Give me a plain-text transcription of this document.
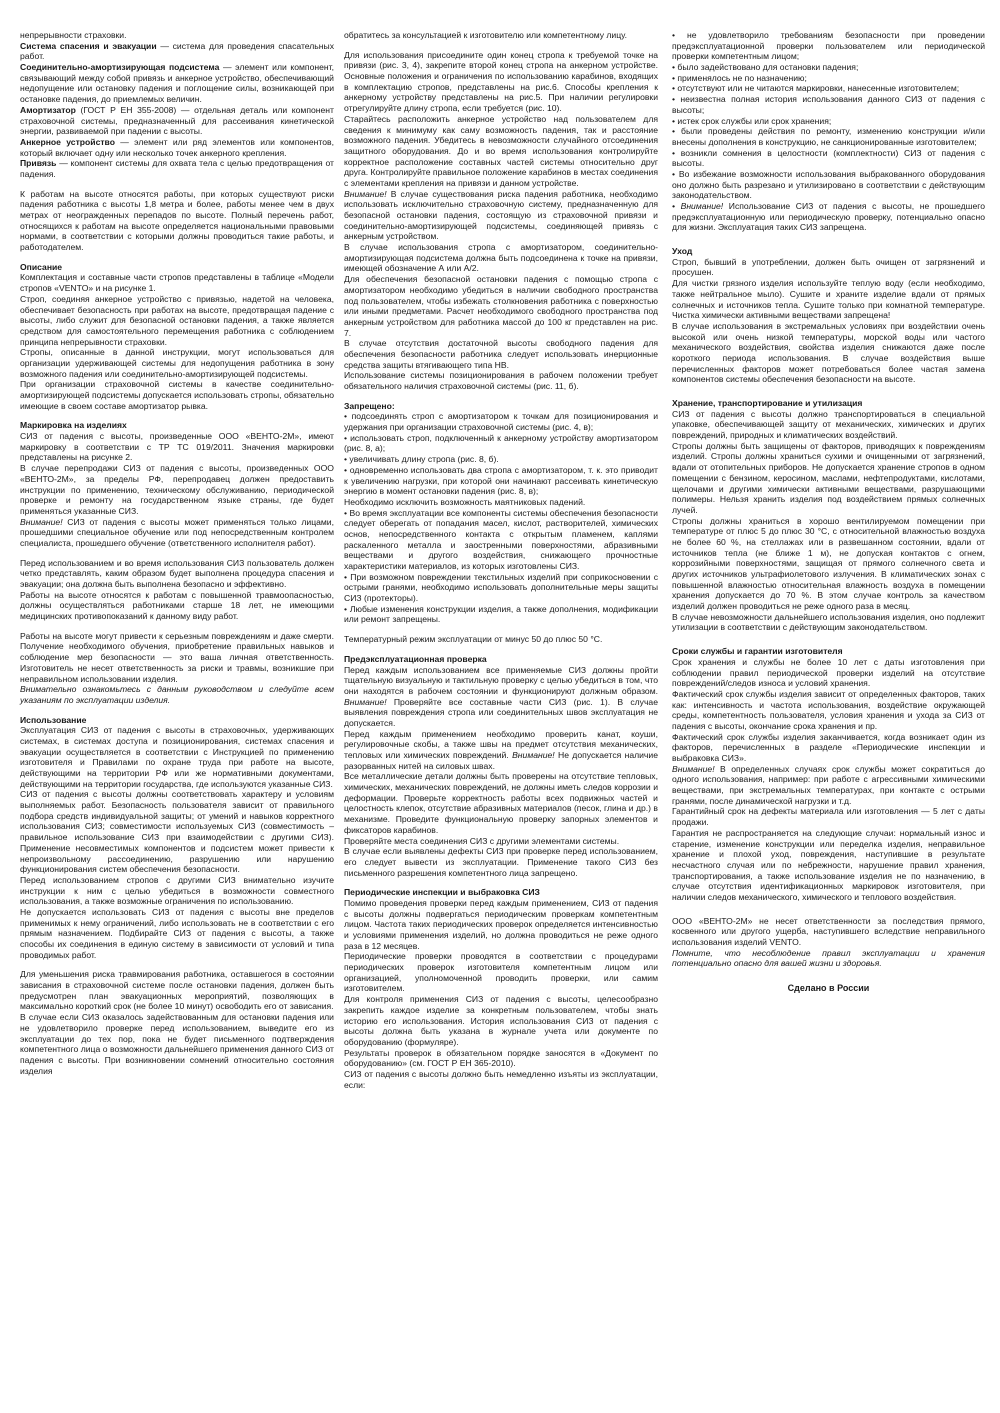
непрерывности страховки.

Система спасения и эвакуации — система для проведения спасательных работ.

Соединительно-амортизирующая подсистема — элемент или компонент, связывающий между собой привязь и анкерное устройство, обеспечивающий недопущение или остановку падения и поглощение силы, возникающей при остановке падения, до приемлемых величин.

Амортизатор (ГОСТ Р ЕН 355-2008) — отдельная деталь или компонент страховочной системы, предназначенный для рассеивания кинетической энергии, развиваемой при падении с высоты.

Анкерное устройство — элемент или ряд элементов или компонентов, который включает одну или несколько точек анкерного крепления.

Привязь — компонент системы для охвата тела с целью предотвращения от падения.

К работам на высоте относятся работы, при которых существуют риски падения работника с высоты 1,8 метра и более, работы менее чем в двух метрах от неогражденных перепадов по высоте. Полный перечень работ, относящихся к работам на высоте определяется национальными правовыми нормами, в соответствии с которыми должны проводиться такие работы, и работодателем.

Описание

Комплектация и составные части стропов представлены в таблице «Модели стропов «VENTO» и на рисунке 1.

Строп, соединяя анкерное устройство с привязью, надетой на человека, обеспечивает безопасность при работах на высоте, предотвращая падение с высоты, либо служит для безопасной остановки падения, а также является средством для самостоятельного перемещения работника с соблюдением принципа непрерывности страховки.

Стропы, описанные в данной инструкции, могут использоваться для организации удерживающей системы для недопущения работника в зону возможного падения или соединительно-амортизирующей подсистемы.

При организации страховочной системы в качестве соединительно-амортизирующей подсистемы допускается использовать стропы, обязательно имеющие в своем составе амортизатор рывка.

Маркировка на изделиях

СИЗ от падения с высоты, произведенные ООО «ВЕНТО-2М», имеют маркировку в соответствии с ТР ТС 019/2011. Значения маркировки представлены на рисунке 2.

В случае перепродажи СИЗ от падения с высоты, произведенных ООО «ВЕНТО-2М», за пределы РФ, перепродавец должен предоставить инструкции по применению, техническому обслуживанию, периодической проверке и ремонту на государственном языке страны, где будет применяться указанные СИЗ.

Внимание! СИЗ от падения с высоты может применяться только лицами, прошедшими специальное обучение или под непосредственным контролем специалиста, прошедшего обучение (ответственного исполнителя работ).

Перед использованием и во время использования СИЗ пользователь должен четко представлять, каким образом будет выполнена процедура спасения и эвакуации; она должна быть выполнена безопасно и эффективно.

Работы на высоте относятся к работам с повышенной травмоопасностью, должны осуществляться работниками старше 18 лет, не имеющими медицинских противопоказаний к данному виду работ.

Работы на высоте могут привести к серьезным повреждениям и даже смерти. Получение необходимого обучения, приобретение правильных навыков и соблюдение мер безопасности — это ваша личная ответственность. Изготовитель не несет ответственность за риски и травмы, возникшие при неправильном использовании изделия.

Внимательно ознакомьтесь с данным руководством и следуйте всем указаниям по эксплуатации изделия.

Использование

Эксплуатация СИЗ от падения с высоты в страховочных, удерживающих системах, в системах доступа и позиционирования, системах спасения и эвакуации осуществляется в соответствии с Инструкцией по применению изготовителя и Правилами по охране труда при работе на высоте, действующими на территории РФ или же нормативными документами, действующими на территории государства, где используются указанные СИЗ.

СИЗ от падения с высоты должны соответствовать характеру и условиям выполняемых работ. Безопасность пользователя зависит от правильного подбора средств индивидуальной защиты; от умений и навыков корректного использования СИЗ; совместимости используемых СИЗ (совместимость – правильное использование СИЗ при взаимодействии с другими СИЗ). Применение несовместимых компонентов и подсистем может привести к непроизвольному рассоединению, разрушению или нарушению функционирования систем обеспечения безопасности.

Перед использованием стропов с другими СИЗ внимательно изучите инструкции к ним с целью убедиться в возможности совместного использования, а также возможные ограничения по использованию.

Не допускается использовать СИЗ от падения с высоты вне пределов применимых к нему ограничений, либо использовать не в соответствии с его прямым назначением. Подбирайте СИЗ от падения с высоты, а также способы их соединения в единую систему в зависимости от условий и типа проводимых работ.

Для уменьшения риска травмирования работника, оставшегося в состоянии зависания в страховочной системе после остановки падения, должен быть предусмотрен план эвакуационных мероприятий, позволяющих в максимально короткий срок (не более 10 минут) освободить его от зависания.

В случае если СИЗ оказалось задействованным для остановки падения или не удовлетворило проверке перед использованием, выведите его из эксплуатации до тех пор, пока не будет письменного подтверждения компетентного лица о возможности дальнейшего применения данного СИЗ от падения с высоты. При возникновении сомнений относительно состояния изделия

обратитесь за консультацией к изготовителю или компетентному лицу.

Для использования присоедините один конец стропа к требуемой точке на привязи (рис. 3, 4), закрепите второй конец стропа на анкерном устройстве. Основные положения и ограничения по использованию карабинов, входящих в комплектацию стропов, представлены на рис.6. Способы крепления к анкерному устройству представлены на рис.5. При наличии регулировки отрегулируйте длину стропа, если требуется (рис. 10).

Старайтесь расположить анкерное устройство над пользователем для сведения к минимуму как саму возможность падения, так и расстояние возможного падения. Убедитесь в невозможности случайного отсоединения защитного оборудования. До и во время использования контролируйте корректное расположение составных частей системы относительно друг друга. Контролируйте правильное положение карабинов в местах соединения с элементами крепления на привязи и данном устройстве.

Внимание! В случае существования риска падения работника, необходимо использовать исключительно страховочную систему, предназначенную для безопасной остановки падения, состоящую из страховочной привязи и соединительно-амортизирующей подсистемы, соединяющей привязь с анкерным устройством.

В случае использования стропа с амортизатором, соединительно-амортизирующая подсистема должна быть подсоединена к точке на привязи, имеющей обозначение А или А/2.

Для обеспечения безопасной остановки падения с помощью стропа с амортизатором необходимо убедиться в наличии свободного пространства под пользователем, чтобы избежать столкновения работника с поверхностью или иными предметами. Расчет необходимого свободного пространства под анкерным устройством для работника массой до 100 кг представлен на рис. 7.

В случае отсутствия достаточной высоты свободного падения для обеспечения безопасности работника следует использовать инерционные средства защиты втягивающего типа НВ.

Использование системы позиционирования в рабочем положении требует обязательного наличия страховочной системы (рис. 11, б).

Запрещено:

• подсоединять строп с амортизатором к точкам для позиционирования и удержания при организации страховочной системы (рис. 4, в);

• использовать строп, подключенный к анкерному устройству амортизатором (рис. 8, а);

• увеличивать длину стропа (рис. 8, б).

• одновременно использовать два стропа с амортизатором, т. к. это приводит к увеличению нагрузки, при которой они начинают рассеивать кинетическую энергию в момент остановки падения (рис. 8, в);

Необходимо исключить возможность маятниковых падений.

• Во время эксплуатации все компоненты системы обеспечения безопасности следует оберегать от попадания масел, кислот, растворителей, химических основ, непосредственного контакта с открытым пламенем, каплями раскаленного металла и заостренными поверхностями, абразивными веществами и другого воздействия, снижающего прочностные характеристики материалов, из которых изготовлены СИЗ.

• При возможном повреждении текстильных изделий при соприкосновении с острыми гранями, необходимо использовать дополнительные меры защиты СИЗ (протекторы).

• Любые изменения конструкции изделия, а также дополнения, модификации или ремонт запрещены.

Температурный режим эксплуатации от минус 50 до плюс 50 °С.

Предэксплуатационная проверка

Перед каждым использованием все применяемые СИЗ должны пройти тщательную визуальную и тактильную проверку с целью убедиться в том, что они находятся в рабочем состоянии и функционируют должным образом. Внимание! Проверяйте все составные части СИЗ (рис. 1). В случае выявления повреждения стропа или соединительных швов эксплуатация не допускается.

Перед каждым применением необходимо проверить канат, коуши, регулировочные скобы, а также швы на предмет отсутствия механических, тепловых или химических повреждений. Внимание! Не допускается наличие разорванных нитей на силовых швах.

Все металлические детали должны быть проверены на отсутствие тепловых, химических, механических повреждений, не должны иметь следов коррозии и деформации. Проверьте корректность работы всех подвижных частей и целостность клепок, отсутствие абразивных материалов (песок, глина и др.) в механизме. Проведите функциональную проверку запорных элементов и фиксаторов карабинов.

Проверяйте места соединения СИЗ с другими элементами системы.

В случае если выявлены дефекты СИЗ при проверке перед использованием, его следует вывести из эксплуатации. Применение такого СИЗ без письменного разрешения компетентного лица запрещено.

Периодические инспекции и выбраковка СИЗ

Помимо проведения проверки перед каждым применением, СИЗ от падения с высоты должны подвергаться периодическим проверкам компетентным лицом. Частота таких периодических проверок определяется интенсивностью и условиями применения изделий, но должна проводиться не реже одного раза в 12 месяцев.

Периодические проверки проводятся в соответствии с процедурами периодических проверок изготовителя компетентным лицом или организацией, уполномоченной проводить проверки, или самим изготовителем.

Для контроля применения СИЗ от падения с высоты, целесообразно закрепить каждое изделие за конкретным пользователем, чтобы знать историю его использования. История использования СИЗ от падения с высоты должна быть указана в журнале учета или документе по оборудованию (формуляре).

Результаты проверок в обязательном порядке заносятся в «Документ по оборудованию» (см. ГОСТ Р ЕН 365-2010).

СИЗ от падения с высоты должно быть немедленно изъяты из эксплуатации, если:

• не удовлетворило требованиям безопасности при проведении предэксплуатационной проверки пользователем или периодической проверки компетентным лицом;

• было задействовано для остановки падения;

• применялось не по назначению;

• отсутствуют или не читаются маркировки, нанесенные изготовителем;

• неизвестна полная история использования данного СИЗ от падения с высоты;

• истек срок службы или срок хранения;

• были проведены действия по ремонту, изменению конструкции и/или внесены дополнения в конструкцию, не санкционированные изготовителем;

• возникли сомнения в целостности (комплектности) СИЗ от падения с высоты.

• Во избежание возможности использования выбракованного оборудования оно должно быть разрезано и утилизировано в соответствии с действующим законодательством.

• Внимание! Использование СИЗ от падения с высоты, не прошедшего предэксплуатационную или периодическую проверку, потенциально опасно для жизни. Эксплуатация таких СИЗ запрещена.

Уход

Строп, бывший в употреблении, должен быть очищен от загрязнений и просушен.

Для чистки грязного изделия используйте теплую воду (если необходимо, также нейтральное мыло). Сушите и храните изделие вдали от прямых солнечных и источников тепла. Сушите только при комнатной температуре. Чистка химически активными веществами запрещена!

В случае использования в экстремальных условиях при воздействии очень высокой или очень низкой температуры, морской воды или частого механического воздействия, свойства изделия снижаются даже после короткого периода использования. В случае воздействия выше перечисленных факторов может потребоваться более частая замена компонентов системы обеспечения безопасности на высоте.

Хранение, транспортирование и утилизация

СИЗ от падения с высоты должно транспортироваться в специальной упаковке, обеспечивающей защиту от механических, химических и других повреждений, природных и климатических воздействий.

Стропы должны быть защищены от факторов, приводящих к повреждениям изделий. Стропы должны храниться сухими и очищенными от загрязнений, вдали от отопительных приборов. Не допускается хранение стропов в одном помещении с бензином, керосином, маслами, нефтепродуктами, кислотами, щелочами и другими химически активными веществами, разрушающими полимеры. Нельзя хранить изделия под воздействием прямых солнечных лучей.

Стропы должны храниться в хорошо вентилируемом помещении при температуре от плюс 5 до плюс 30 °С, с относительной влажностью воздуха не более 60 %, на стеллажах или в развешанном состоянии, вдали от источников тепла (не ближе 1 м), не допуская контактов с огнем, коррозийными поверхностями, защищая от прямого солнечного света и других источников ультрафиолетового излучения. В климатических зонах с повышенной влажностью относительная влажность воздуха в помещении хранения допускается до 70 %. В этом случае контроль за качеством изделий должен проводиться не реже одного раза в месяц.

В случае невозможности дальнейшего использования изделия, оно подлежит утилизации в соответствии с действующим законодательством.

Сроки службы и гарантии изготовителя

Срок хранения и службы не более 10 лет с даты изготовления при соблюдении правил периодической проверки изделий на отсутствие повреждений/следов износа и условий хранения.

Фактический срок службы изделия зависит от определенных факторов, таких как: интенсивность и частота использования, воздействие окружающей среды, компетентность пользователя, условия хранения и ухода за СИЗ от падения с высоты, окончание срока хранения и пр.

Фактический срок службы изделия заканчивается, когда возникает один из факторов, перечисленных в разделе «Периодические инспекции и выбраковка СИЗ».

Внимание! В определенных случаях срок службы может сократиться до одного использования, например: при работе с агрессивными химическими веществами, при экстремальных температурах, при контакте с острыми гранями, после динамической нагрузки и т.д.

Гарантийный срок на дефекты материала или изготовления — 5 лет с даты продажи.

Гарантия не распространяется на следующие случаи: нормальный износ и старение, изменение конструкции или переделка изделия, неправильное хранение и плохой уход, повреждения, наступившие в результате несчастного случая или по небрежности, нарушение правил хранения, транспортирования, а также использование изделия не по назначению, в случае отсутствия идентификационных маркировок изготовителя, при наличии следов механического, химического и теплового воздействия.

ООО «ВЕНТО-2М» не несет ответственности за последствия прямого, косвенного или другого ущерба, наступившего вследствие неправильного использования изделий VENTO.

Помните, что несоблюдение правил эксплуатации и хранения потенциально опасно для вашей жизни и здоровья.

Сделано в России
